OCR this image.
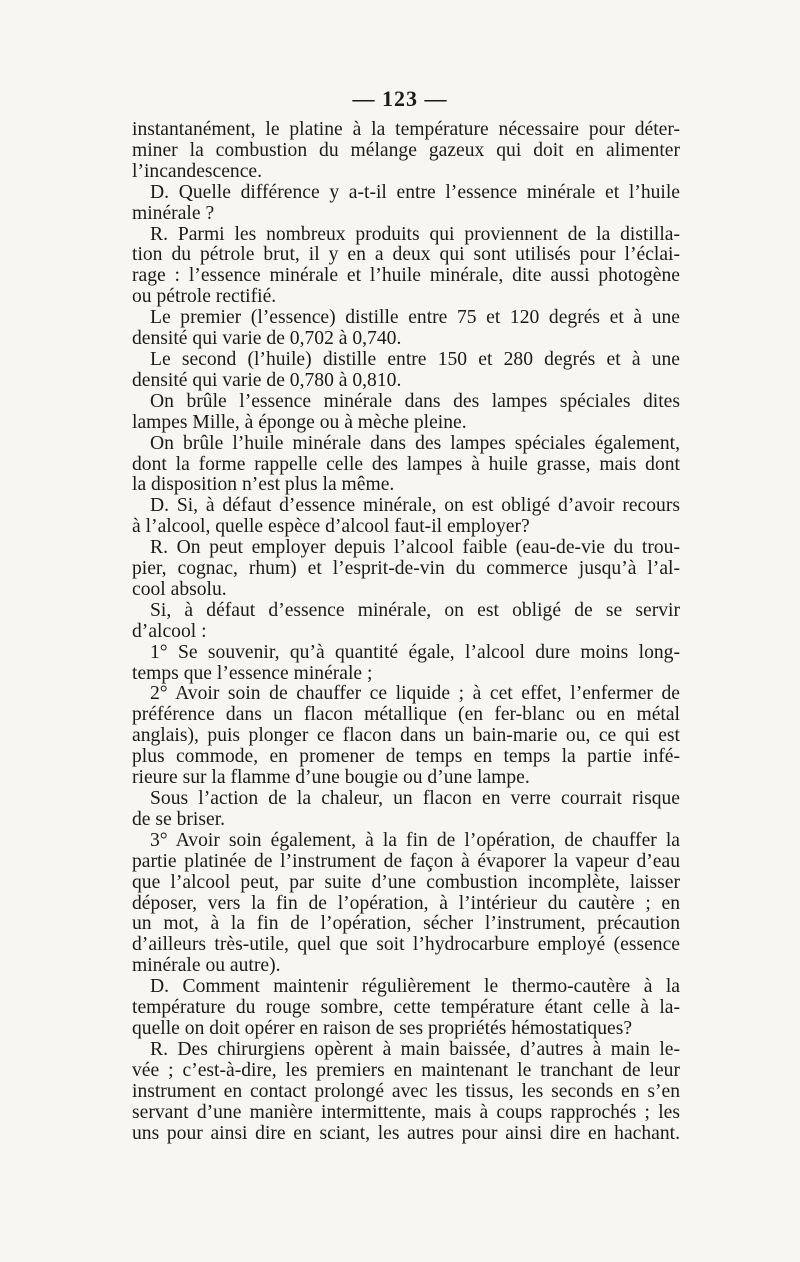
— 123 —
instantanément, le platine à la température nécessaire pour déter-
miner la combustion du mélange gazeux qui doit en alimenter
l’incandescence.
D. Quelle différence y a-t-il entre l’essence minérale et l’huile
minérale ?
R. Parmi les nombreux produits qui proviennent de la distilla-
tion du pétrole brut, il y en a deux qui sont utilisés pour l’éclai-
rage : l’essence minérale et l’huile minérale, dite aussi photogène
ou pétrole rectifié.
Le premier (l’essence) distille entre 75 et 120 degrés et à une
densité qui varie de 0,702 à 0,740.
Le second (l’huile) distille entre 150 et 280 degrés et à une
densité qui varie de 0,780 à 0,810.
On brûle l’essence minérale dans des lampes spéciales dites
lampes Mille, à éponge ou à mèche pleine.
On brûle l’huile minérale dans des lampes spéciales également,
dont la forme rappelle celle des lampes à huile grasse, mais dont
la disposition n’est plus la même.
D. Si, à défaut d’essence minérale, on est obligé d’avoir recours
à l’alcool, quelle espèce d’alcool faut-il employer?
R. On peut employer depuis l’alcool faible (eau-de-vie du trou-
pier, cognac, rhum) et l’esprit-de-vin du commerce jusqu’à l’al-
cool absolu.
Si, à défaut d’essence minérale, on est obligé de se servir
d’alcool :
1° Se souvenir, qu’à quantité égale, l’alcool dure moins long-
temps que l’essence minérale ;
2° Avoir soin de chauffer ce liquide ; à cet effet, l’enfermer de
préférence dans un flacon métallique (en fer-blanc ou en métal
anglais), puis plonger ce flacon dans un bain-marie ou, ce qui est
plus commode, en promener de temps en temps la partie infé-
rieure sur la flamme d’une bougie ou d’une lampe.
Sous l’action de la chaleur, un flacon en verre courrait risque
de se briser.
3° Avoir soin également, à la fin de l’opération, de chauffer la
partie platinée de l’instrument de façon à évaporer la vapeur d’eau
que l’alcool peut, par suite d’une combustion incomplète, laisser
déposer, vers la fin de l’opération, à l’intérieur du cautère ; en
un mot, à la fin de l’opération, sécher l’instrument, précaution
d’ailleurs très-utile, quel que soit l’hydrocarbure employé (essence
minérale ou autre).
D. Comment maintenir régulièrement le thermo-cautère à la
température du rouge sombre, cette température étant celle à la-
quelle on doit opérer en raison de ses propriétés hémostatiques?
R. Des chirurgiens opèrent à main baissée, d’autres à main le-
vée ; c’est-à-dire, les premiers en maintenant le tranchant de leur
instrument en contact prolongé avec les tissus, les seconds en s’en
servant d’une manière intermittente, mais à coups rapprochés ; les
uns pour ainsi dire en sciant, les autres pour ainsi dire en hachant.
